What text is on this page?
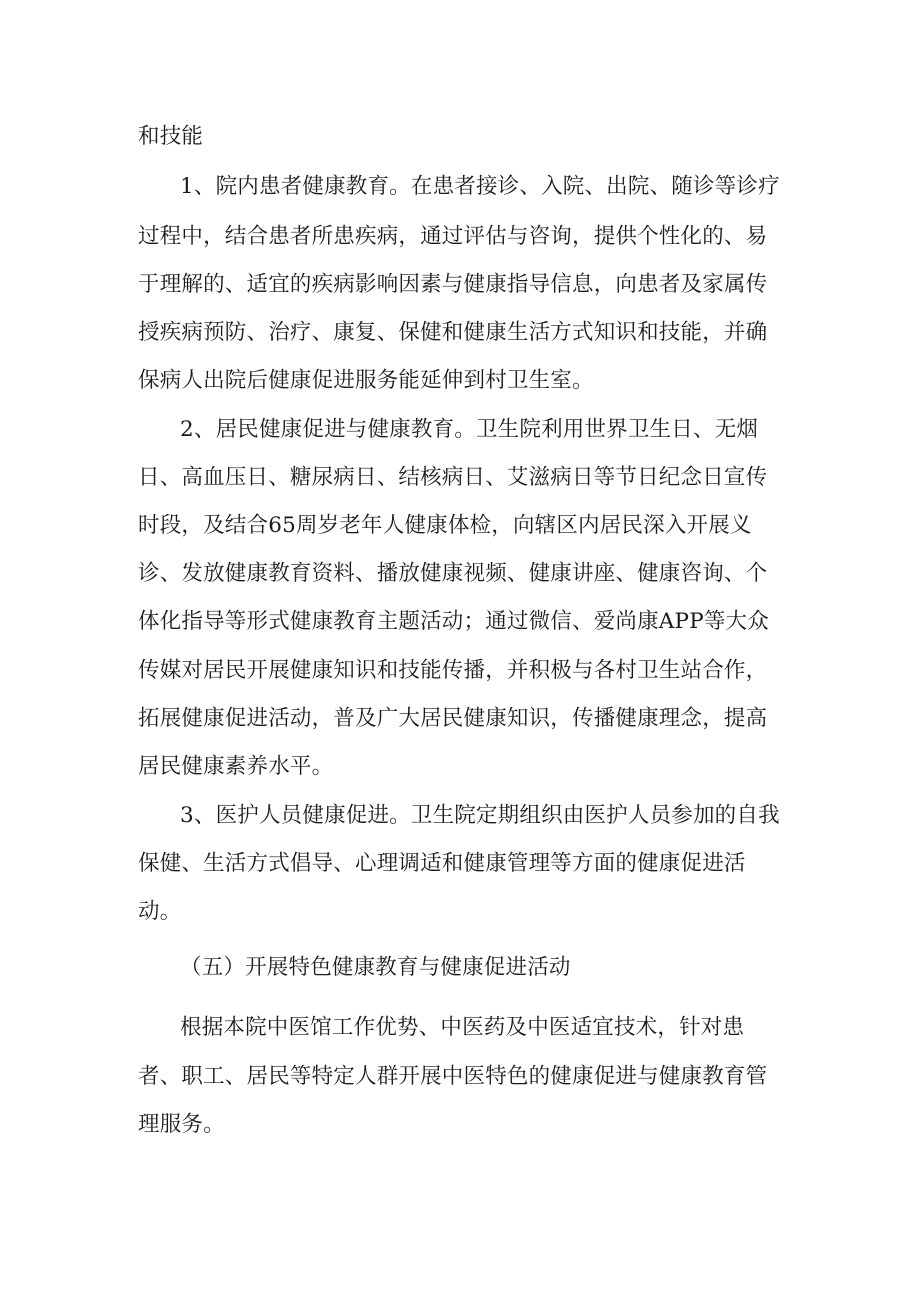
和技能
1、院内患者健康教育。在患者接诊、入院、出院、随诊等诊疗
过程中，结合患者所患疾病，通过评估与咨询，提供个性化的、易
于理解的、适宜的疾病影响因素与健康指导信息，向患者及家属传
授疾病预防、治疗、康复、保健和健康生活方式知识和技能，并确
保病人出院后健康促进服务能延伸到村卫生室。
2、居民健康促进与健康教育。卫生院利用世界卫生日、无烟
日、高血压日、糖尿病日、结核病日、艾滋病日等节日纪念日宣传
时段，及结合65周岁老年人健康体检，向辖区内居民深入开展义
诊、发放健康教育资料、播放健康视频、健康讲座、健康咨询、个
体化指导等形式健康教育主题活动；通过微信、爱尚康APP等大众
传媒对居民开展健康知识和技能传播，并积极与各村卫生站合作，
拓展健康促进活动，普及广大居民健康知识，传播健康理念，提高
居民健康素养水平。
3、医护人员健康促进。卫生院定期组织由医护人员参加的自我
保健、生活方式倡导、心理调适和健康管理等方面的健康促进活
动。
（五）开展特色健康教育与健康促进活动
根据本院中医馆工作优势、中医药及中医适宜技术，针对患
者、职工、居民等特定人群开展中医特色的健康促进与健康教育管
理服务。
